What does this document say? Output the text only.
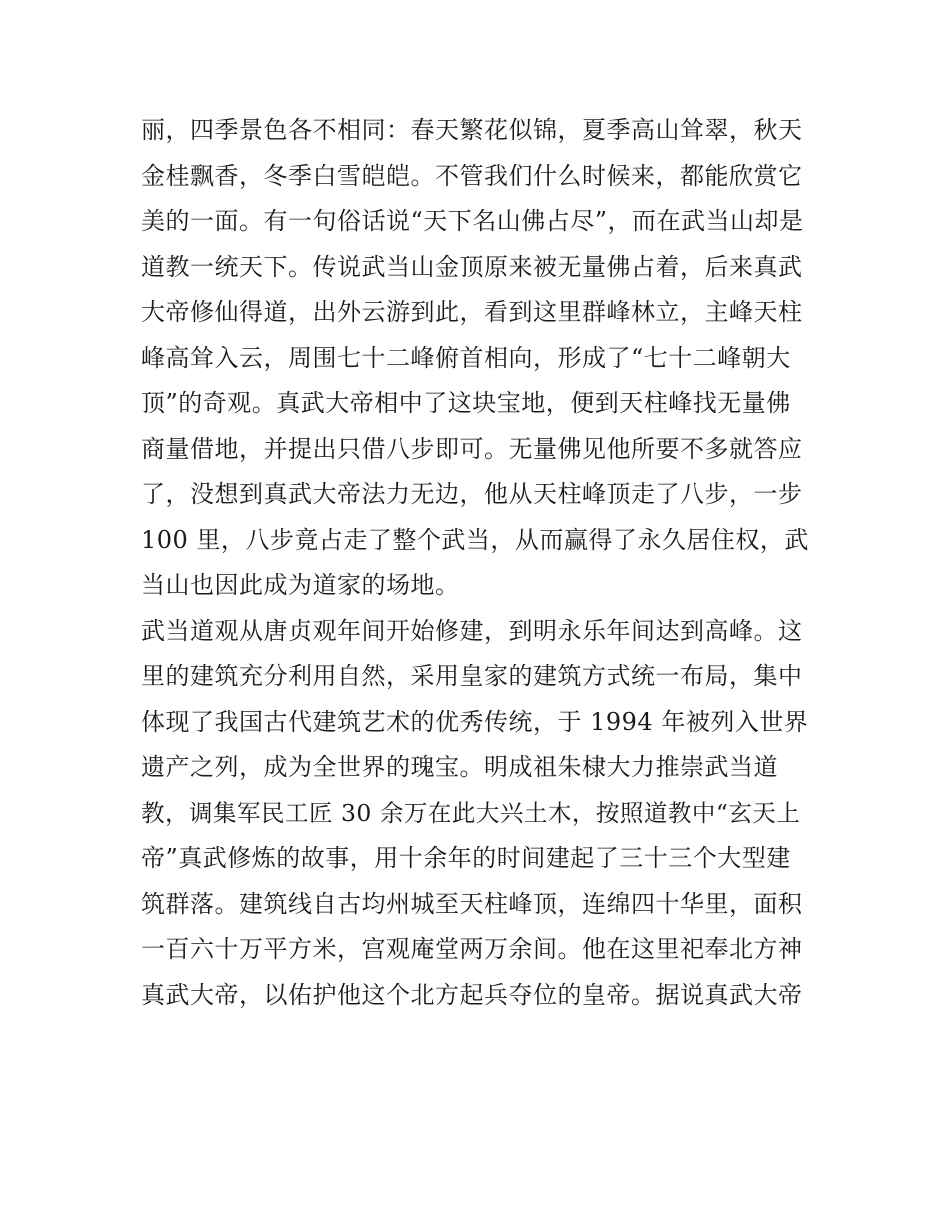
丽，四季景色各不相同：春天繁花似锦，夏季高山耸翠，秋天
金桂飘香，冬季白雪皑皑。不管我们什么时候来，都能欣赏它
美的一面。有一句俗话说“天下名山佛占尽”，而在武当山却是
道教一统天下。传说武当山金顶原来被无量佛占着，后来真武
大帝修仙得道，出外云游到此，看到这里群峰林立，主峰天柱
峰高耸入云，周围七十二峰俯首相向，形成了“七十二峰朝大
顶”的奇观。真武大帝相中了这块宝地，便到天柱峰找无量佛
商量借地，并提出只借八步即可。无量佛见他所要不多就答应
了，没想到真武大帝法力无边，他从天柱峰顶走了八步，一步
100 里，八步竟占走了整个武当，从而赢得了永久居住权，武
当山也因此成为道家的场地。
武当道观从唐贞观年间开始修建，到明永乐年间达到高峰。这
里的建筑充分利用自然，采用皇家的建筑方式统一布局，集中
体现了我国古代建筑艺术的优秀传统，于 1994 年被列入世界
遗产之列，成为全世界的瑰宝。明成祖朱棣大力推崇武当道
教，调集军民工匠 30 余万在此大兴土木，按照道教中“玄天上
帝”真武修炼的故事，用十余年的时间建起了三十三个大型建
筑群落。建筑线自古均州城至天柱峰顶，连绵四十华里，面积
一百六十万平方米，宫观庵堂两万余间。他在这里祀奉北方神
真武大帝，以佑护他这个北方起兵夺位的皇帝。据说真武大帝
